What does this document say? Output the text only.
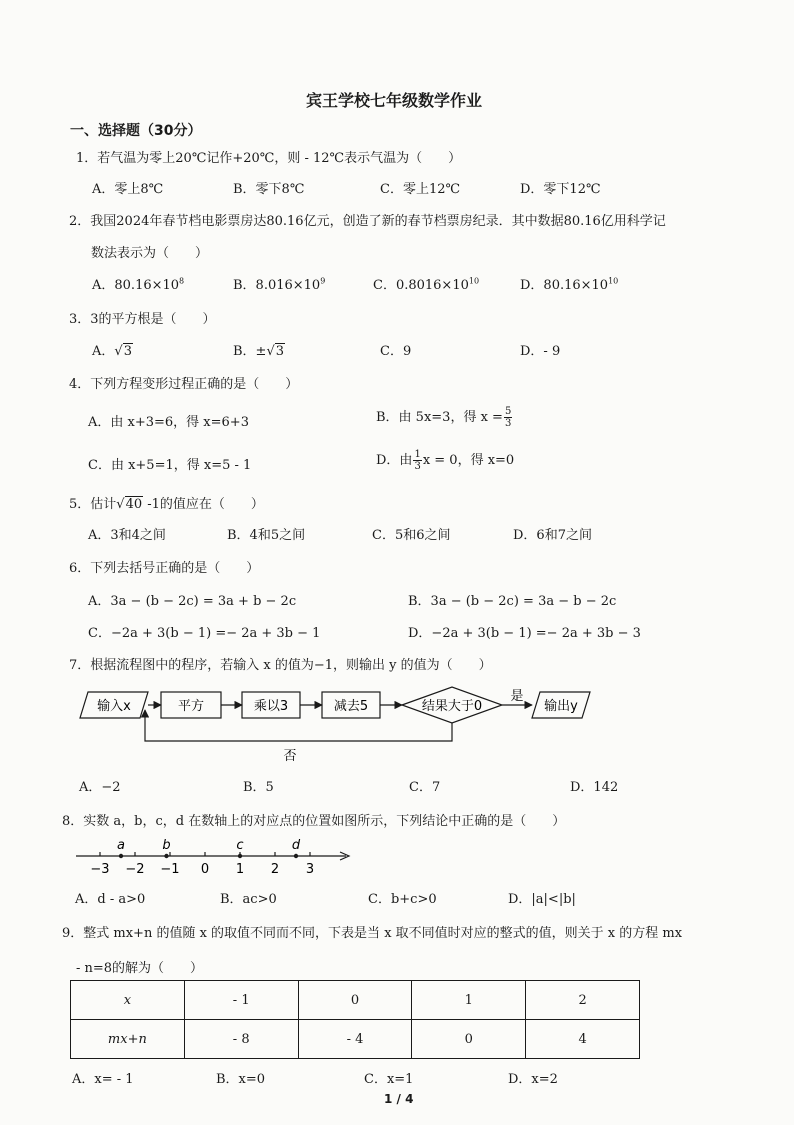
宾王学校七年级数学作业
一、选择题（30分）
1．若气温为零上20℃记作+20℃，则 - 12℃表示气温为（　　）
A．零上8℃	B．零下8℃	C．零上12℃	D．零下12℃
2．我国2024年春节档电影票房达80.16亿元，创造了新的春节档票房纪录．其中数据80.16亿用科学记
数法表示为（　　）
A．$80.16\times 10^8$	B．$8.016\times 10^9$	C．$0.8016\times 10^{10}$	D．$80.16\times 10^{10}$
3．3的平方根是（　　）
A．√3	B．±√3	C．9	D．- 9
4．下列方程变形过程正确的是（　　）
A．由 x+3=6，得 x=6+3	B．由 5x=3，得 $x = \frac{5}{3}$
C．由 x+5=1，得 x=5 - 1	D．由 $\frac{1}{3}$ x = 0，得 x=0
5．估计√40 -1的值应在（　　）
A．3和4之间	B．4和5之间	C．5和6之间	D．6和7之间
6．下列去括号正确的是（　　）
A．3a − (b − 2c) = 3a + b − 2c	B．3a − (b − 2c) = 3a − b − 2c
C．−2a + 3(b − 1) =− 2a + 3b − 1	D．−2a + 3(b − 1) =− 2a + 3b − 3
7．根据流程图中的程序，若输入 x 的值为−1，则输出 y 的值为（　　）
输入x	平方	乘以3	减去5	结果大于0
是
输出y
否
A．−2	B．5	C．7	D．142
8．实数 a，b，c，d 在数轴上的对应点的位置如图所示，下列结论中正确的是（　　）
−3 −2 −1 0 1 2 3
a	b	c	d
A．d - a>0	B．ac>0	C．b+c>0	D．|a|<|b|
9．整式 mx+n 的值随 x 的取值不同而不同，下表是当 x 取不同值时对应的整式的值，则关于 x 的方程 mx
- n=8的解为（　　）
x	- 1	0	1	2
mx+n	- 8	- 4	0	4
A．x= - 1	B．x=0	C．x=1	D．x=2
1 / 4
